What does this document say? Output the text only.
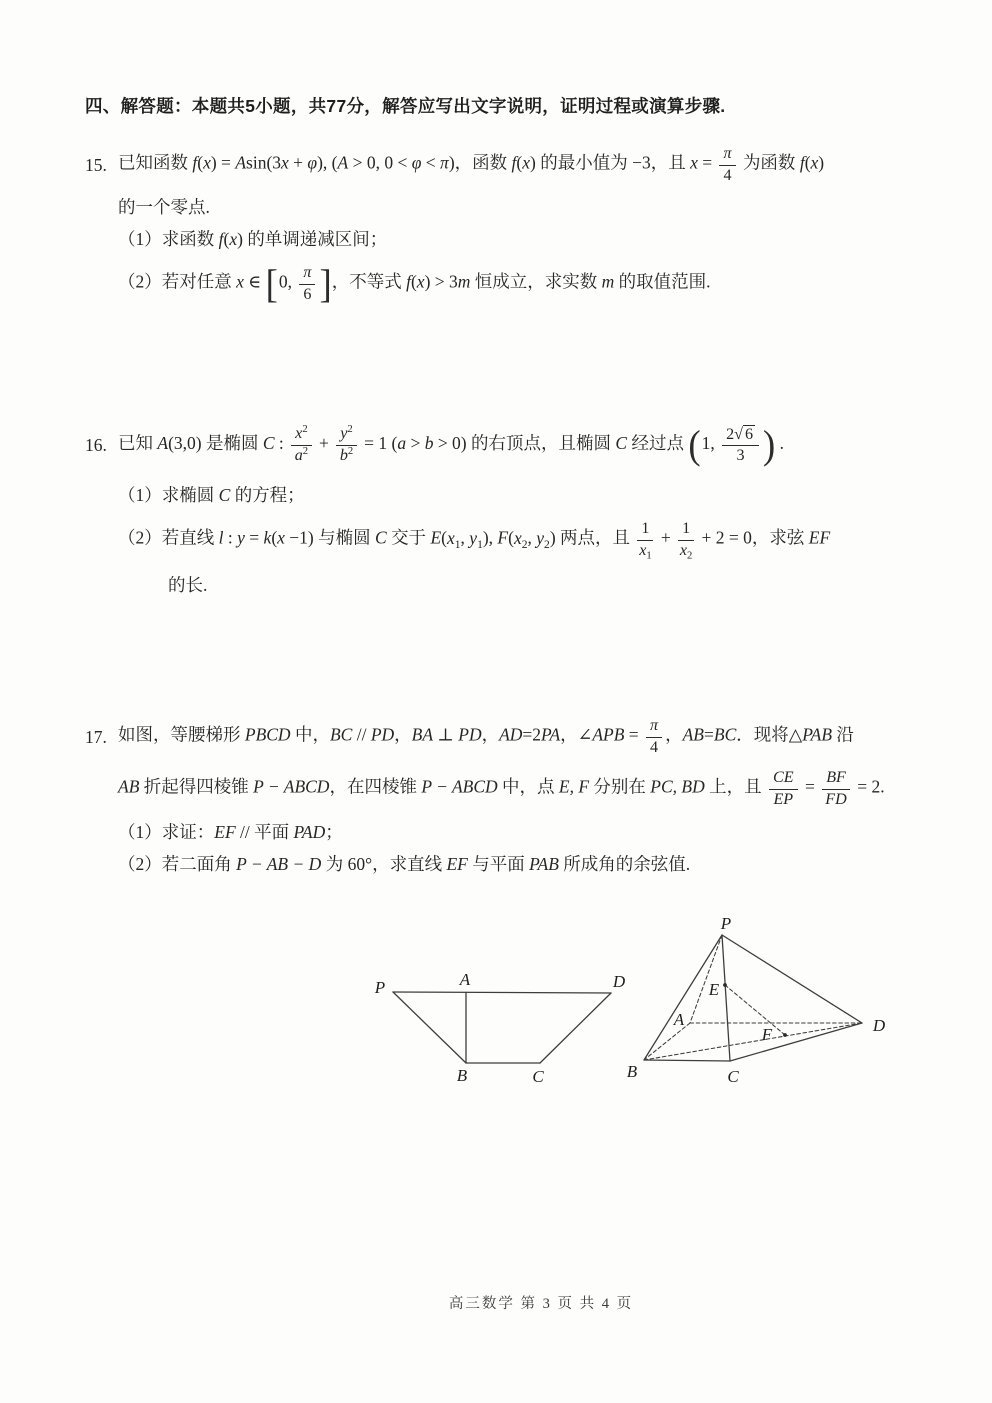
四、解答题：本题共5小题，共77分，解答应写出文字说明，证明过程或演算步骤.
15. 已知函数 f(x) = Asin(3x + φ), (A > 0, 0 < φ < π)，函数 f(x) 的最小值为 −3，且 $x = \frac{\pi}{4}$ 为函数 f(x)
的一个零点.
（1）求函数 f(x) 的单调递减区间；
（2）若对任意 x ∈ [ 0, $\frac{\pi}{6}$ ] ，不等式 f(x) > 3m 恒成立，求实数 m 的取值范围.
16. 已知 A(3,0) 是椭圆 C : $\frac{x^2}{a^2} + \frac{y^2}{b^2} = 1$ (a > b > 0) 的右顶点，且椭圆 C 经过点 ( 1, $\frac{2 √ 6}{3}$ ) .
（1）求椭圆 C 的方程；
（2）若直线 l : y = k(x −1) 与椭圆 C 交于 $E(x_1$, $y_1$), $F(x_2$, $y_2$) 两点，且 $\frac{1}{x_1} + \frac{1}{x_2} + 2 = 0$，求弦 EF
的长.
17. 如图，等腰梯形 PBCD 中，BC // PD，BA ⊥ PD，AD=2PA，∠APB = $\frac{\pi}{4}$ ，AB=BC．现将△PAB 沿
AB 折起得四棱锥 P − ABCD，在四棱锥 P − ABCD 中，点 E, F 分别在 PC, BD 上，且 $\frac{CE}{EP} = \frac{BF}{FD} = 2$.
（1）求证：EF // 平面 PAD；
（2）若二面角 P − AB − D 为 60°，求直线 EF 与平面 PAB 所成角的余弦值.
P	A	D
B	C
P
B	C
D
A
E
F
高三数学 第 3 页 共 4 页
